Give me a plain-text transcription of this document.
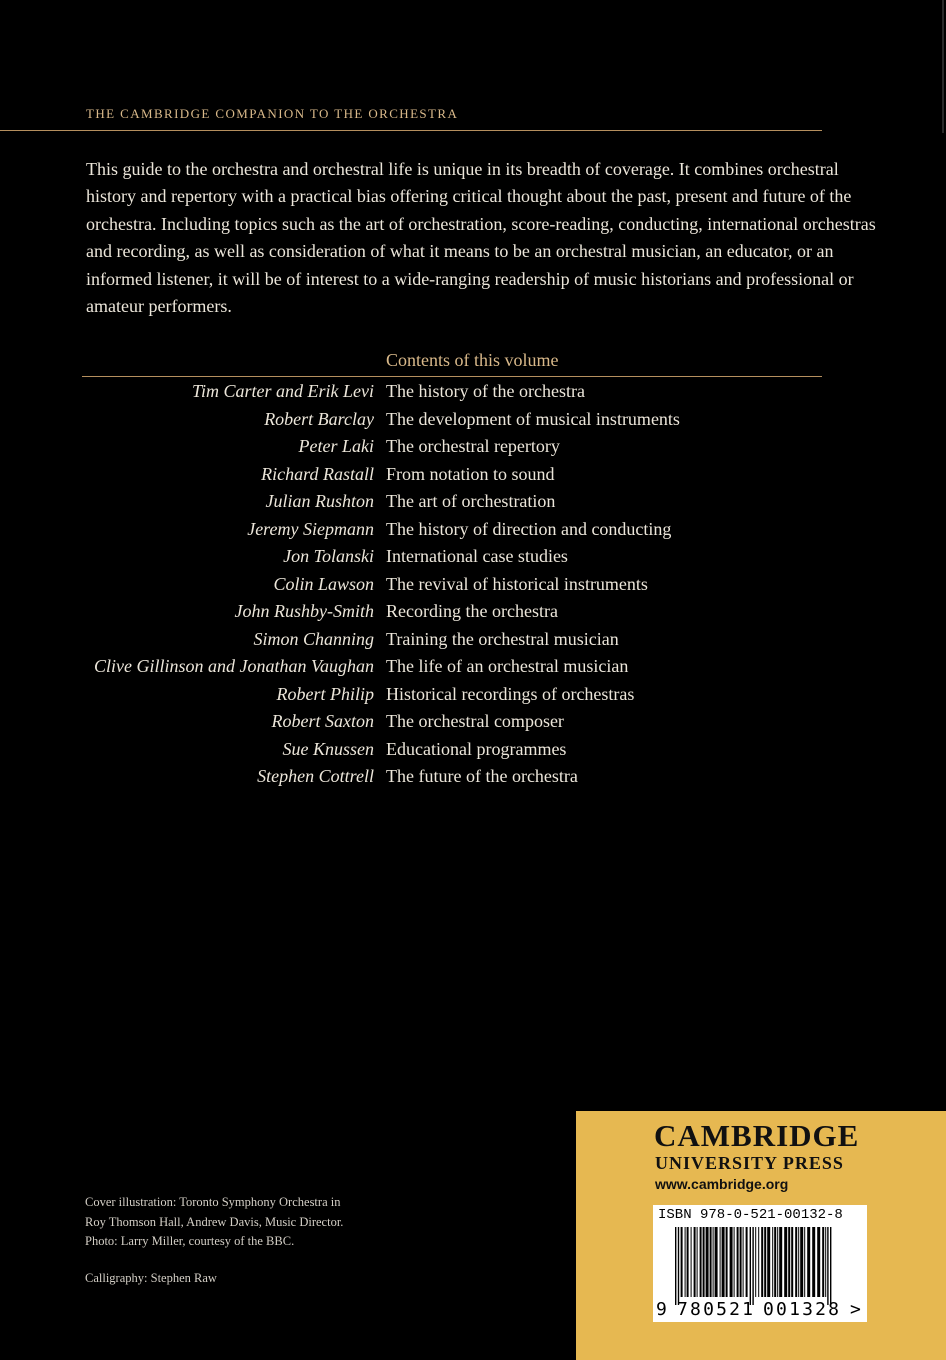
THE CAMBRIDGE COMPANION TO THE ORCHESTRA

This guide to the orchestra and orchestral life is unique in its breadth of coverage. It combines orchestral history and repertory with a practical bias offering critical thought about the past, present and future of the orchestra. Including topics such as the art of orchestration, score-reading, conducting, international orchestras and recording, as well as consideration of what it means to be an orchestral musician, an educator, or an informed listener, it will be of interest to a wide-ranging readership of music historians and professional or amateur performers.

Contents of this volume
Tim Carter and Erik Levi The history of the orchestra
Robert Barclay The development of musical instruments
Peter Laki The orchestral repertory
Richard Rastall From notation to sound
Julian Rushton The art of orchestration
Jeremy Siepmann The history of direction and conducting
Jon Tolanski International case studies
Colin Lawson The revival of historical instruments
John Rushby-Smith Recording the orchestra
Simon Channing Training the orchestral musician
Clive Gillinson and Jonathan Vaughan The life of an orchestral musician
Robert Philip Historical recordings of orchestras
Robert Saxton The orchestral composer
Sue Knussen Educational programmes
Stephen Cottrell The future of the orchestra

Cover illustration: Toronto Symphony Orchestra in Roy Thomson Hall, Andrew Davis, Music Director. Photo: Larry Miller, courtesy of the BBC.

Calligraphy: Stephen Raw

CAMBRIDGE
UNIVERSITY PRESS
www.cambridge.org
ISBN 978-0-521-00132-8
9 780521 001328 >
